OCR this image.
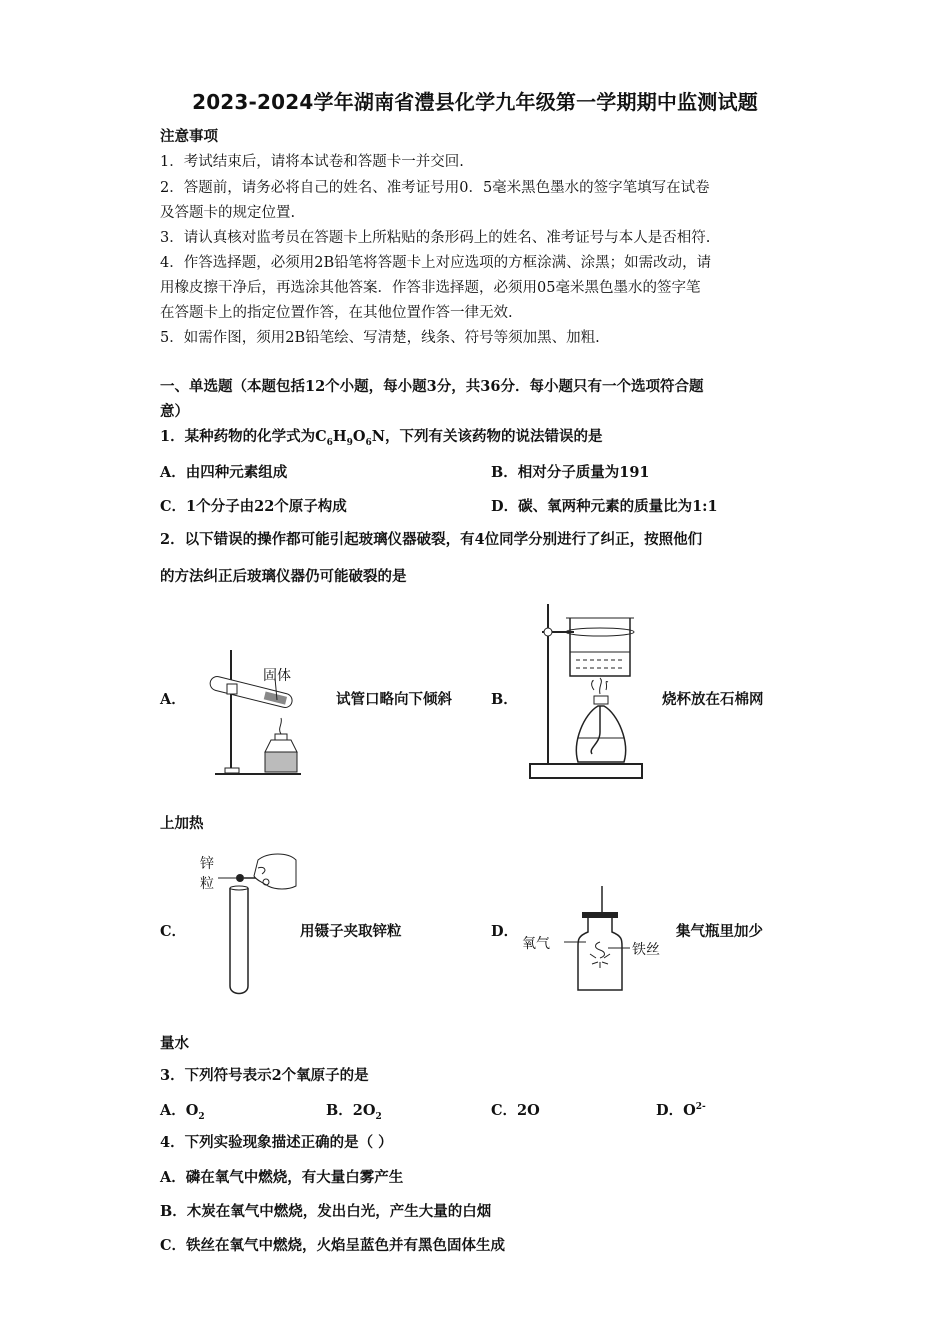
2023-2024学年湖南省澧县化学九年级第一学期期中监测试题
注意事项
1．考试结束后，请将本试卷和答题卡一并交回.
2．答题前，请务必将自己的姓名、准考证号用0．5毫米黑色墨水的签字笔填写在试卷
及答题卡的规定位置.
3．请认真核对监考员在答题卡上所粘贴的条形码上的姓名、准考证号与本人是否相符.
4．作答选择题，必须用2B铅笔将答题卡上对应选项的方框涂满、涂黑；如需改动，请
用橡皮擦干净后，再选涂其他答案．作答非选择题，必须用05毫米黑色墨水的签字笔
在答题卡上的指定位置作答，在其他位置作答一律无效.
5．如需作图，须用2B铅笔绘、写清楚，线条、符号等须加黑、加粗.
一、单选题（本题包括12个小题，每小题3分，共36分．每小题只有一个选项符合题
意）
1．某种药物的化学式为$C_6H_9O_6N$，下列有关该药物的说法错误的是
A．由四种元素组成	B．相对分子质量为191
C．1个分子由22个原子构成	D．碳、氧两种元素的质量比为1:1
2．以下错误的操作都可能引起玻璃仪器破裂，有4位同学分别进行了纠正，按照他们
的方法纠正后玻璃仪器仍可能破裂的是
A．
固体
试管口略向下倾斜	B．	烧杯放在石棉网
上加热
C．
锌
粒
用镊子夹取锌粒	D．
氧气	铁丝
集气瓶里加少
量水
3．下列符号表示2个氧原子的是
A．$O_2$	B．$2O_2$	C．2O	D．$O^{2-}$
4．下列实验现象描述正确的是（ ）
A．磷在氧气中燃烧，有大量白雾产生
B．木炭在氧气中燃烧，发出白光，产生大量的白烟
C．铁丝在氧气中燃烧，火焰呈蓝色并有黑色固体生成
